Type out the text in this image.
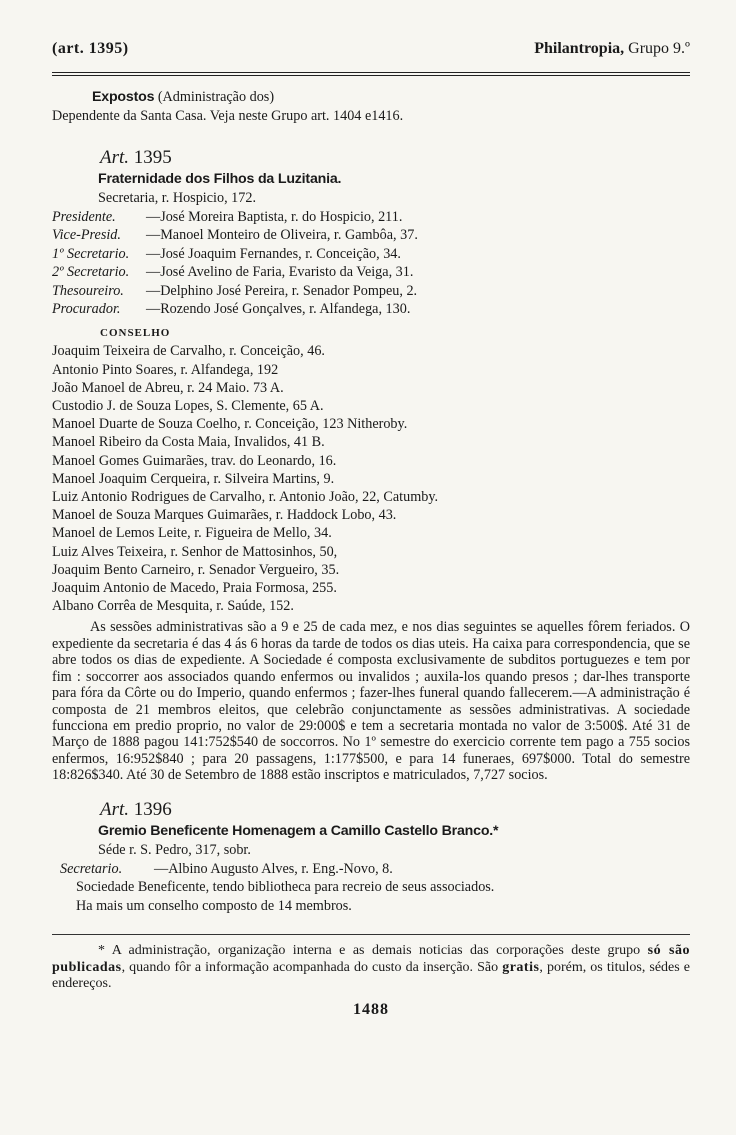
(art. 1395)	Philantropia, Grupo 9.º
Expostos (Administração dos)
Dependente da Santa Casa. Veja neste Grupo art. 1404 e1416.
Art. 1395
Fraternidade dos Filhos da Luzitania.
Secretaria, r. Hospicio, 172.
Presidente.	—José Moreira Baptista, r. do Hospicio, 211.
Vice-Presid.	—Manoel Monteiro de Oliveira, r. Gambôa, 37.
1º Secretario.	—José Joaquim Fernandes, r. Conceição, 34.
2º Secretario.	—José Avelino de Faria, Evaristo da Veiga, 31.
Thesoureiro.	—Delphino José Pereira, r. Senador Pompeu, 2.
Procurador.	—Rozendo José Gonçalves, r. Alfandega, 130.
CONSELHO
Joaquim Teixeira de Carvalho, r. Conceição, 46.
Antonio Pinto Soares, r. Alfandega, 192
João Manoel de Abreu, r. 24 Maio. 73 A.
Custodio J. de Souza Lopes, S. Clemente, 65 A.
Manoel Duarte de Souza Coelho, r. Conceição, 123 Nitheroby.
Manoel Ribeiro da Costa Maia, Invalidos, 41 B.
Manoel Gomes Guimarães, trav. do Leonardo, 16.
Manoel Joaquim Cerqueira, r. Silveira Martins, 9.
Luiz Antonio Rodrigues de Carvalho, r. Antonio João, 22, Catumby.
Manoel de Souza Marques Guimarães, r. Haddock Lobo, 43.
Manoel de Lemos Leite, r. Figueira de Mello, 34.
Luiz Alves Teixeira, r. Senhor de Mattosinhos, 50,
Joaquim Bento Carneiro, r. Senador Vergueiro, 35.
Joaquim Antonio de Macedo, Praia Formosa, 255.
Albano Corrêa de Mesquita, r. Saúde, 152.

As sessões administrativas são a 9 e 25 de cada mez, e nos dias seguintes se aquelles fôrem feriados. O expediente da secretaria é das 4 ás 6 horas da tarde de todos os dias uteis. Ha caixa para correspondencia, que se abre todos os dias de expediente. A Sociedade é composta exclusivamente de subditos portuguezes e tem por fim : soccorrer aos associados quando enfermos ou invalidos ; auxila-los quando presos ; dar-lhes transporte para fóra da Côrte ou do Imperio, quando enfermos ; fazer-lhes funeral quando fallecerem.—A administração é composta de 21 membros eleitos, que celebrão conjunctamente as sessões administrativas. A sociedade funcciona em predio proprio, no valor de 29:000$ e tem a secretaria montada no valor de 3:500$. Até 31 de Março de 1888 pagou 141:752$540 de soccorros. No 1º semestre do exercicio corrente tem pago a 755 socios enfermos, 16:952$840 ; para 20 passagens, 1:177$500, e para 14 funeraes, 697$000. Total do semestre 18:826$340. Até 30 de Setembro de 1888 estão inscriptos e matriculados, 7,727 socios.

Art. 1396
Gremio Beneficente Homenagem a Camillo Castello Branco.*
Séde r. S. Pedro, 317, sobr.
Secretario.	—Albino Augusto Alves, r. Eng.-Novo, 8.
Sociedade Beneficente, tendo bibliotheca para recreio de seus associados.
Ha mais um conselho composto de 14 membros.

* A administração, organização interna e as demais noticias das corporações deste grupo só são publicadas, quando fôr a informação acompanhada do custo da inserção. São gratis, porém, os titulos, sédes e endereços.

1488
